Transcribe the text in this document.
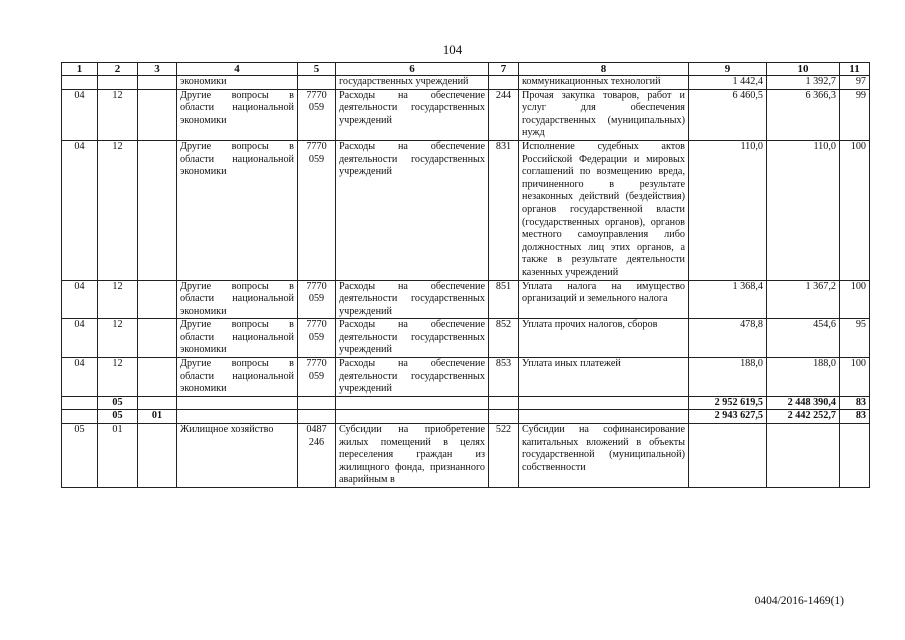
104
1	2	3	4	5	6	7	8	9	10	11
			экономики		государственных учреждений		коммуникационных технологий	1 442,4	1 392,7	97
04	12		Другие вопросы в области национальной экономики	7770 059	Расходы на обеспечение деятельности государственных учреждений	244	Прочая закупка товаров, работ и услуг для обеспечения государственных (муниципальных) нужд	6 460,5	6 366,3	99
04	12		Другие вопросы в области национальной экономики	7770 059	Расходы на обеспечение деятельности государственных учреждений	831	Исполнение судебных актов Российской Федерации и мировых соглашений по возмещению вреда, причиненного в результате незаконных действий (бездействия) органов государственной власти (государственных органов), органов местного самоуправления либо должностных лиц этих органов, а также в результате деятельности казенных учреждений	110,0	110,0	100
04	12		Другие вопросы в области национальной экономики	7770 059	Расходы на обеспечение деятельности государственных учреждений	851	Уплата налога на имущество организаций и земельного налога	1 368,4	1 367,2	100
04	12		Другие вопросы в области национальной экономики	7770 059	Расходы на обеспечение деятельности государственных учреждений	852	Уплата прочих налогов, сборов	478,8	454,6	95
04	12		Другие вопросы в области национальной экономики	7770 059	Расходы на обеспечение деятельности государственных учреждений	853	Уплата иных платежей	188,0	188,0	100
	05							2 952 619,5	2 448 390,4	83
	05	01						2 943 627,5	2 442 252,7	83
05	01		Жилищное хозяйство	0487 246	Субсидии на приобретение жилых помещений в целях переселения граждан из жилищного фонда, признанного аварийным в	522	Субсидии на софинансирование капитальных вложений в объекты государственной (муниципальной) собственности			
0404/2016-1469(1)
